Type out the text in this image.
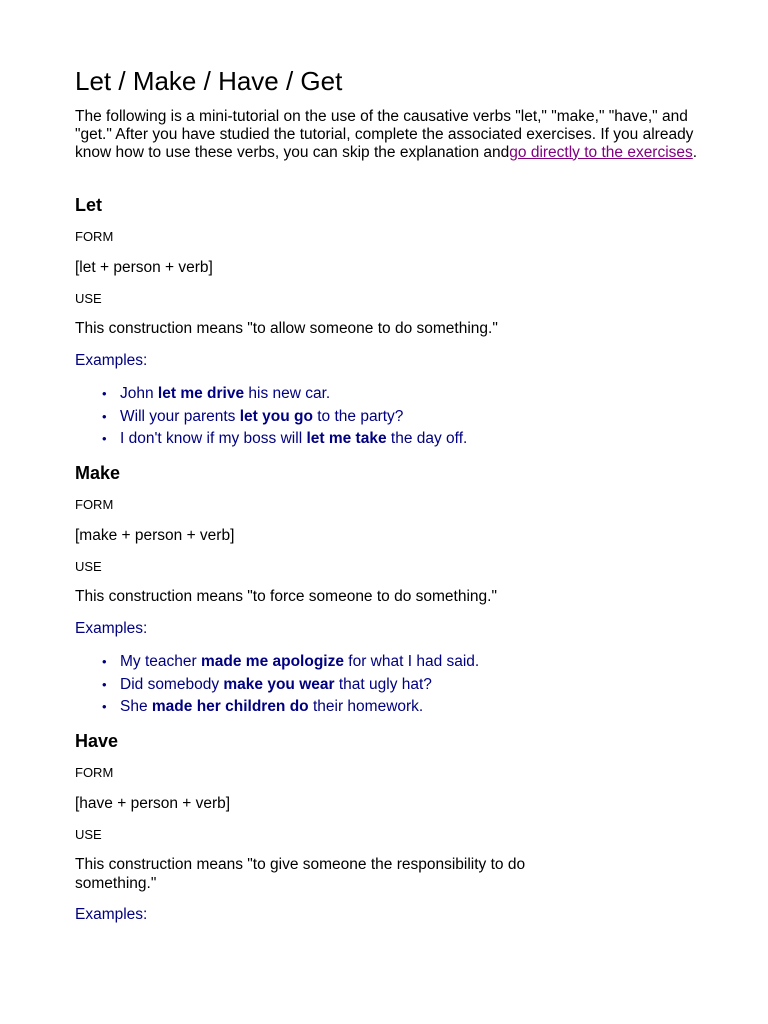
Let / Make / Have / Get

The following is a mini-tutorial on the use of the causative verbs "let," "make," "have," and "get." After you have studied the tutorial, complete the associated exercises. If you already know how to use these verbs, you can skip the explanation andgo directly to the exercises.

Let
FORM
[let + person + verb]
USE
This construction means "to allow someone to do something."
Examples:
• John let me drive his new car.
• Will your parents let you go to the party?
• I don't know if my boss will let me take the day off.
Make
FORM
[make + person + verb]
USE
This construction means "to force someone to do something."
Examples:
• My teacher made me apologize for what I had said.
• Did somebody make you wear that ugly hat?
• She made her children do their homework.
Have
FORM
[have + person + verb]
USE
This construction means "to give someone the responsibility to do
something."
Examples:
